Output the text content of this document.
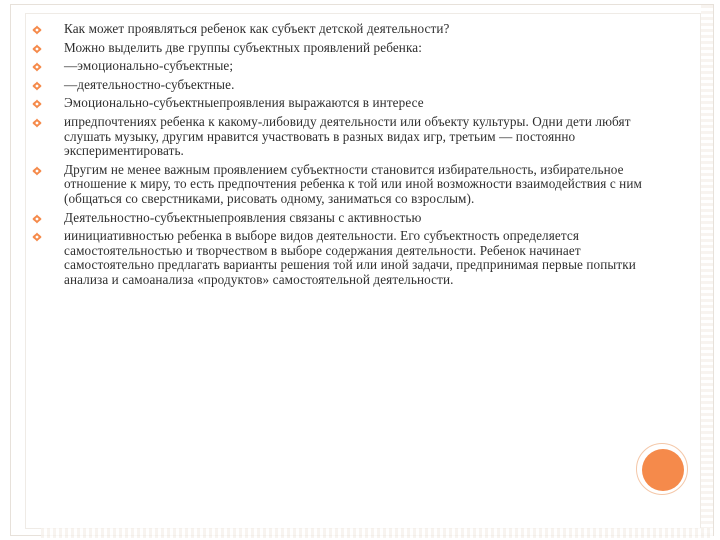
Как может проявляться ребенок как субъект детской деятельности?
Можно выделить две группы субъектных проявлений ребенка:
—эмоционально-субъектные;
—деятельностно-субъектные.
Эмоционально-субъектныепроявления выражаются в интересе
ипредпочтениях ребенка к какому-либовиду деятельности или объекту культуры. Одни дети любят слушать музыку, другим нравится участвовать в разных видах игр, третьим — постоянно экспериментировать.
Другим не менее важным проявлением субъектности становится избирательность, избирательное отношение к миру, то есть предпочтения ребенка к той или иной возможности взаимодействия с ним (общаться со сверстниками, рисовать одному, заниматься со взрослым).
Деятельностно-субъектныепроявления связаны с активностью
иинициативностью ребенка в выборе видов деятельности. Его субъектность определяется самостоятельностью и творчеством в выборе содержания деятельности. Ребенок начинает самостоятельно предлагать варианты решения той или иной задачи, предпринимая первые попытки анализа и самоанализа «продуктов» самостоятельной деятельности.
